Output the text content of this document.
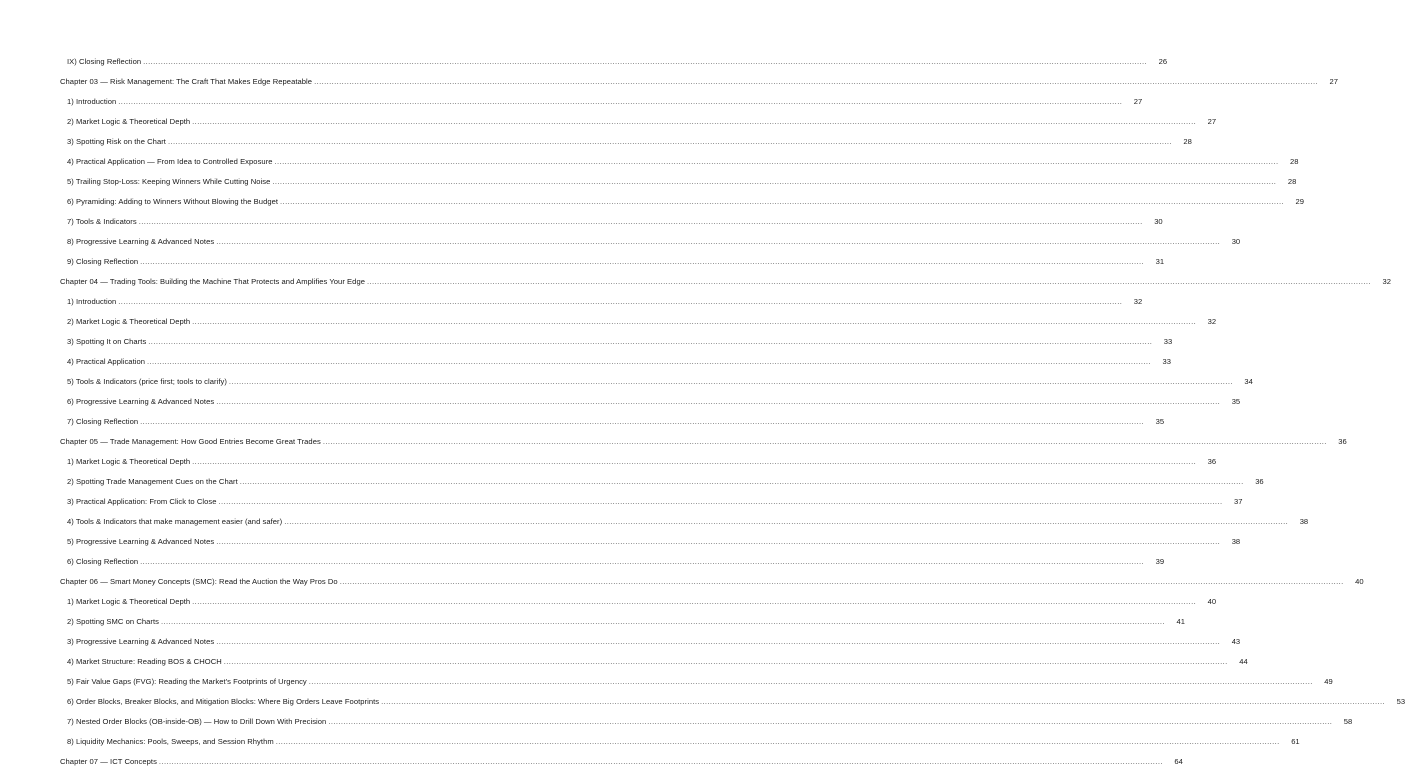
IX) Closing Reflection ................................................................................................................................................................................................................................................................................................................................................................................................................	26
Chapter 03 — Risk Management: The Craft That Makes Edge Repeatable ................................................................................................................................................................................................................................................................................................................................................................................................................	27
1) Introduction ................................................................................................................................................................................................................................................................................................................................................................................................................	27
2) Market Logic & Theoretical Depth ................................................................................................................................................................................................................................................................................................................................................................................................................	27
3) Spotting Risk on the Chart ................................................................................................................................................................................................................................................................................................................................................................................................................	28
4) Practical Application — From Idea to Controlled Exposure ................................................................................................................................................................................................................................................................................................................................................................................................................	28
5) Trailing Stop-Loss: Keeping Winners While Cutting Noise ................................................................................................................................................................................................................................................................................................................................................................................................................	28
6) Pyramiding: Adding to Winners Without Blowing the Budget ................................................................................................................................................................................................................................................................................................................................................................................................................	29
7) Tools & Indicators ................................................................................................................................................................................................................................................................................................................................................................................................................	30
8) Progressive Learning & Advanced Notes ................................................................................................................................................................................................................................................................................................................................................................................................................	30
9) Closing Reflection ................................................................................................................................................................................................................................................................................................................................................................................................................	31
Chapter 04 — Trading Tools: Building the Machine That Protects and Amplifies Your Edge ................................................................................................................................................................................................................................................................................................................................................................................................................	32
1) Introduction ................................................................................................................................................................................................................................................................................................................................................................................................................	32
2) Market Logic & Theoretical Depth ................................................................................................................................................................................................................................................................................................................................................................................................................	32
3) Spotting It on Charts ................................................................................................................................................................................................................................................................................................................................................................................................................	33
4) Practical Application ................................................................................................................................................................................................................................................................................................................................................................................................................	33
5) Tools & Indicators (price first; tools to clarify) ................................................................................................................................................................................................................................................................................................................................................................................................................	34
6) Progressive Learning & Advanced Notes ................................................................................................................................................................................................................................................................................................................................................................................................................	35
7) Closing Reflection ................................................................................................................................................................................................................................................................................................................................................................................................................	35
Chapter 05 — Trade Management: How Good Entries Become Great Trades ................................................................................................................................................................................................................................................................................................................................................................................................................	36
1) Market Logic & Theoretical Depth ................................................................................................................................................................................................................................................................................................................................................................................................................	36
2) Spotting Trade Management Cues on the Chart ................................................................................................................................................................................................................................................................................................................................................................................................................	36
3) Practical Application: From Click to Close ................................................................................................................................................................................................................................................................................................................................................................................................................	37
4) Tools & Indicators that make management easier (and safer) ................................................................................................................................................................................................................................................................................................................................................................................................................	38
5) Progressive Learning & Advanced Notes ................................................................................................................................................................................................................................................................................................................................................................................................................	38
6) Closing Reflection ................................................................................................................................................................................................................................................................................................................................................................................................................	39
Chapter 06 — Smart Money Concepts (SMC): Read the Auction the Way Pros Do ................................................................................................................................................................................................................................................................................................................................................................................................................	40
1) Market Logic & Theoretical Depth ................................................................................................................................................................................................................................................................................................................................................................................................................	40
2) Spotting SMC on Charts ................................................................................................................................................................................................................................................................................................................................................................................................................	41
3) Progressive Learning & Advanced Notes ................................................................................................................................................................................................................................................................................................................................................................................................................	43
4) Market Structure: Reading BOS & CHOCH ................................................................................................................................................................................................................................................................................................................................................................................................................	44
5) Fair Value Gaps (FVG): Reading the Market's Footprints of Urgency ................................................................................................................................................................................................................................................................................................................................................................................................................	49
6) Order Blocks, Breaker Blocks, and Mitigation Blocks: Where Big Orders Leave Footprints ................................................................................................................................................................................................................................................................................................................................................................................................................	53
7) Nested Order Blocks (OB-inside-OB) — How to Drill Down With Precision ................................................................................................................................................................................................................................................................................................................................................................................................................	58
8) Liquidity Mechanics: Pools, Sweeps, and Session Rhythm ................................................................................................................................................................................................................................................................................................................................................................................................................	61
Chapter 07 — ICT Concepts ................................................................................................................................................................................................................................................................................................................................................................................................................	64
